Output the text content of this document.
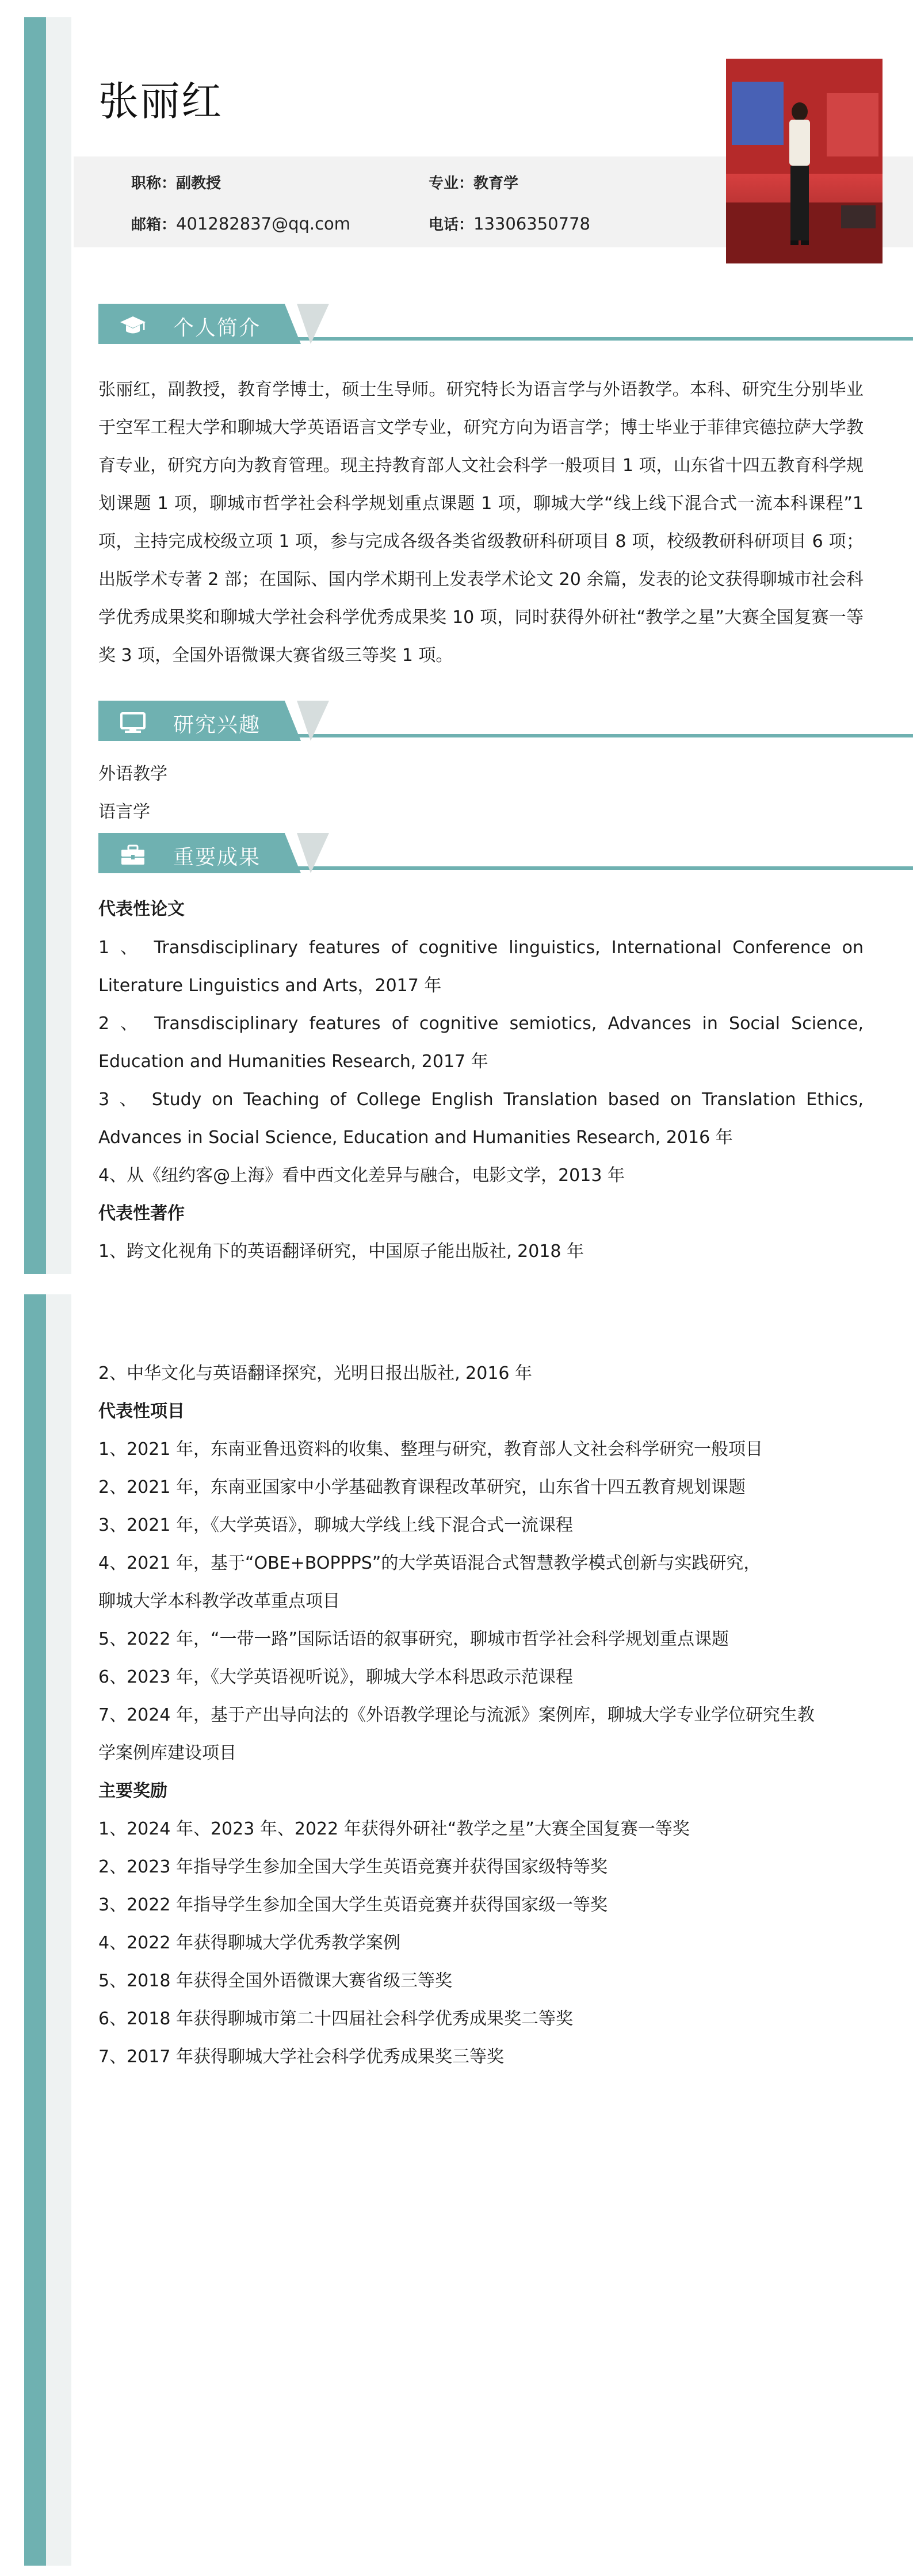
张丽红
职称：副教授	专业：教育学
邮箱：401282837@qq.com	电话：13306350778
个人简介

张丽红，副教授，教育学博士，硕士生导师。研究特长为语言学与外语教学。本科、研究生分别毕业于空军工程大学和聊城大学英语语言文学专业，研究方向为语言学；博士毕业于菲律宾德拉萨大学教育专业，研究方向为教育管理。现主持教育部人文社会科学一般项目 1 项，山东省十四五教育科学规划课题 1 项，聊城市哲学社会科学规划重点课题 1 项，聊城大学“线上线下混合式一流本科课程”1 项，主持完成校级立项 1 项，参与完成各级各类省级教研科研项目 8 项，校级教研科研项目 6 项；出版学术专著 2 部；在国际、国内学术期刊上发表学术论文 20 余篇，发表的论文获得聊城市社会科学优秀成果奖和聊城大学社会科学优秀成果奖 10 项，同时获得外研社“教学之星”大赛全国复赛一等奖 3 项，全国外语微课大赛省级三等奖 1 项。

研究兴趣
外语教学
语言学
重要成果
代表性论文
1 、 Transdisciplinary features of cognitive linguistics, International Conference on
Literature Linguistics and Arts，2017 年
2 、 Transdisciplinary features of cognitive semiotics, Advances in Social Science,
Education and Humanities Research, 2017 年
3 、 Study on Teaching of College English Translation based on Translation Ethics,
Advances in Social Science, Education and Humanities Research, 2016 年
4、从《纽约客@上海》看中西文化差异与融合，电影文学，2013 年
代表性著作
1、跨文化视角下的英语翻译研究，中国原子能出版社, 2018 年
2、中华文化与英语翻译探究，光明日报出版社, 2016 年
代表性项目
1、2021 年，东南亚鲁迅资料的收集、整理与研究，教育部人文社会科学研究一般项目
2、2021 年，东南亚国家中小学基础教育课程改革研究，山东省十四五教育规划课题
3、2021 年，《大学英语》，聊城大学线上线下混合式一流课程
4、2021 年，基于“OBE+BOPPPS”的大学英语混合式智慧教学模式创新与实践研究，
聊城大学本科教学改革重点项目
5、2022 年，“一带一路”国际话语的叙事研究，聊城市哲学社会科学规划重点课题
6、2023 年，《大学英语视听说》，聊城大学本科思政示范课程
7、2024 年，基于产出导向法的《外语教学理论与流派》案例库，聊城大学专业学位研究生教
学案例库建设项目
主要奖励
1、2024 年、2023 年、2022 年获得外研社“教学之星”大赛全国复赛一等奖
2、2023 年指导学生参加全国大学生英语竞赛并获得国家级特等奖
3、2022 年指导学生参加全国大学生英语竞赛并获得国家级一等奖
4、2022 年获得聊城大学优秀教学案例
5、2018 年获得全国外语微课大赛省级三等奖
6、2018 年获得聊城市第二十四届社会科学优秀成果奖二等奖
7、2017 年获得聊城大学社会科学优秀成果奖三等奖
